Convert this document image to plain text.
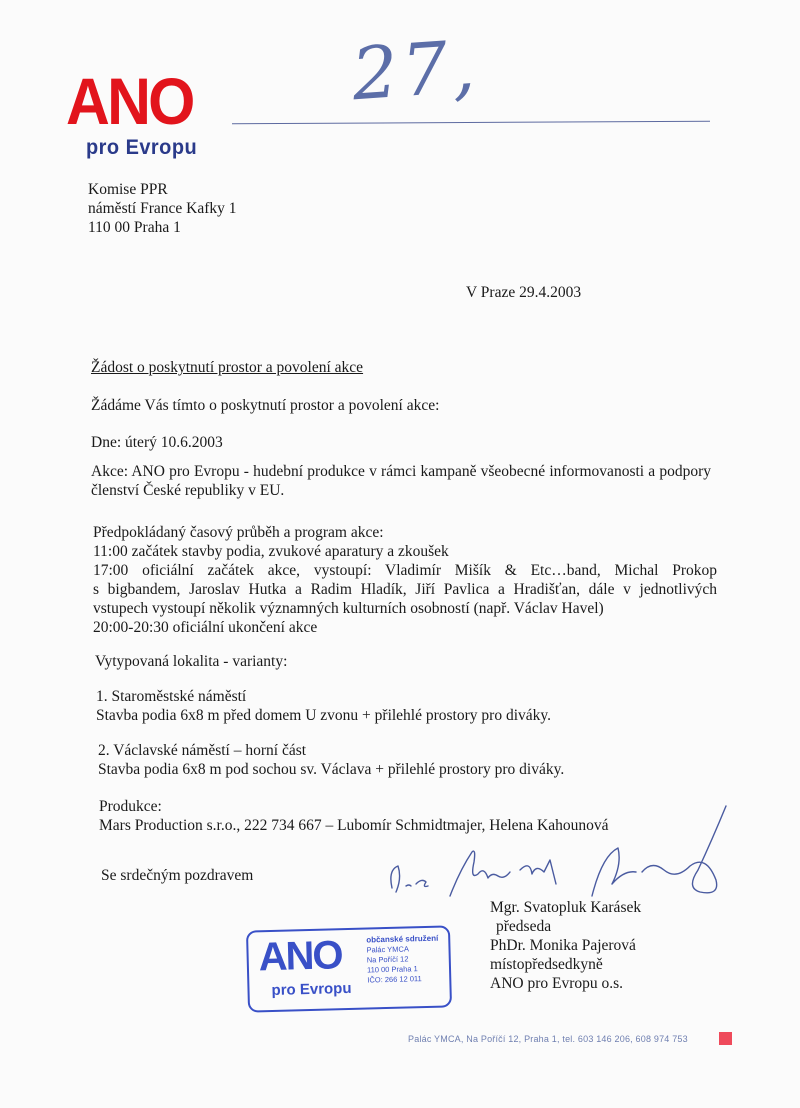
ANO
pro Evropu
27,
Komise PPR
náměstí France Kafky 1
110 00 Praha 1
V Praze 29.4.2003
Žádost o poskytnutí prostor a povolení akce
Žádáme Vás tímto o poskytnutí prostor a povolení akce:
Dne: úterý 10.6.2003
Akce: ANO pro Evropu - hudební produkce v rámci kampaně všeobecné informovanosti a podpory členství České republiky v EU.
Předpokládaný časový průběh a program akce:
11:00 začátek stavby podia, zvukové aparatury a zkoušek
17:00 oficiální začátek akce, vystoupí: Vladimír Mišík & Etc…band, Michal Prokop
s bigbandem, Jaroslav Hutka a Radim Hladík, Jiří Pavlica a Hradišťan, dále v jednotlivých
vstupech vystoupí několik významných kulturních osobností (např. Václav Havel)
20:00-20:30 oficiální ukončení akce
Vytypovaná lokalita - varianty:
1. Staroměstské náměstí
Stavba podia 6x8 m před domem U zvonu + přilehlé prostory pro diváky.
2. Václavské náměstí – horní část
Stavba podia 6x8 m pod sochou sv. Václava + přilehlé prostory pro diváky.
Produkce:
Mars Production s.r.o., 222 734 667 – Lubomír Schmidtmajer, Helena Kahounová
Se srdečným pozdravem
Mgr. Svatopluk Karásek
předseda
PhDr. Monika Pajerová
místopředsedkyně
ANO pro Evropu o.s.
ANO
pro Evropu
občanské sdružení
Palác YMCA
Na Poříčí 12
110 00 Praha 1
IČO: 266 12 011
Palác YMCA, Na Poříčí 12, Praha 1, tel. 603 146 206, 608 974 753
